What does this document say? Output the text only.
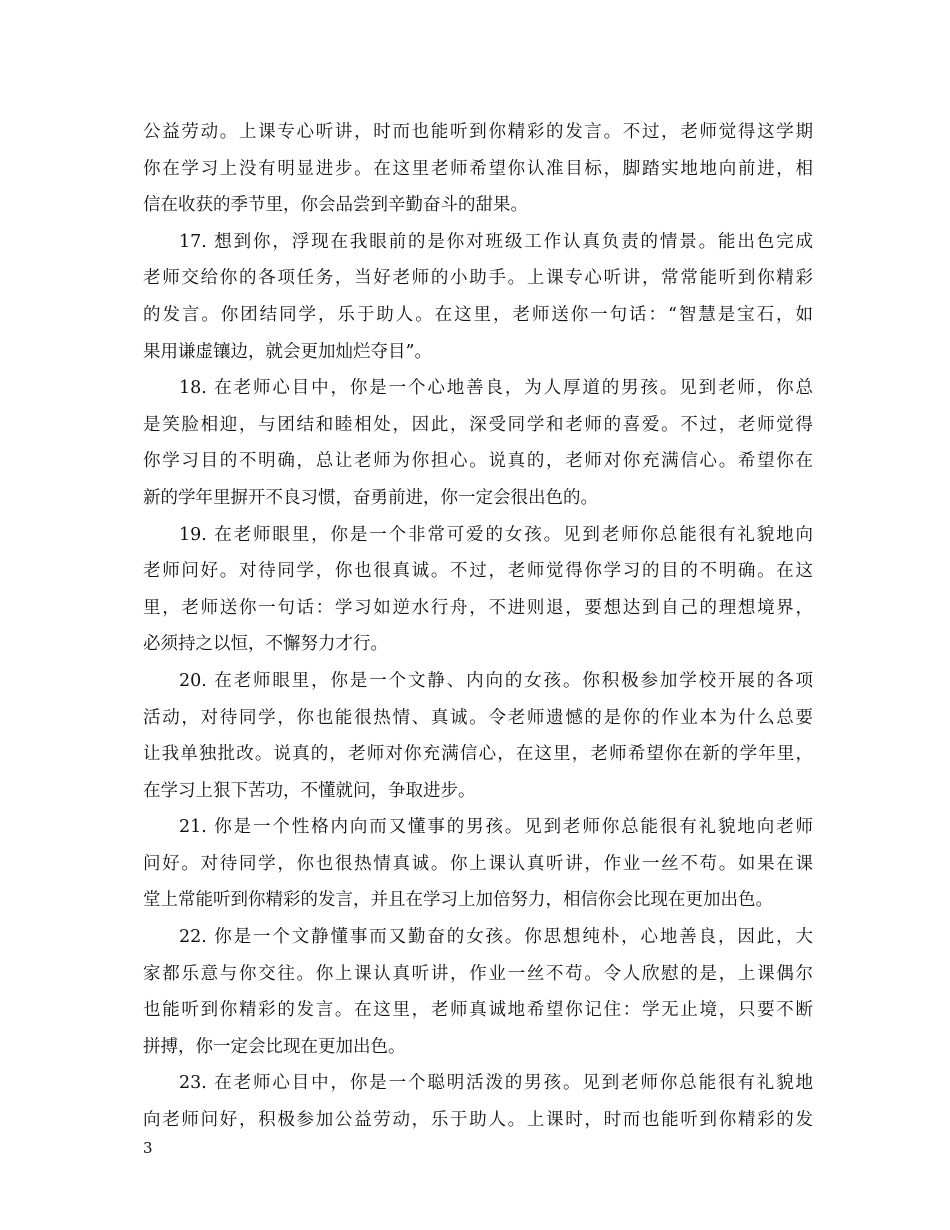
公益劳动。上课专心听讲，时而也能听到你精彩的发言。不过，老师觉得这学期
你在学习上没有明显进步。在这里老师希望你认准目标，脚踏实地地向前进，相
信在收获的季节里，你会品尝到辛勤奋斗的甜果。
17. 想到你，浮现在我眼前的是你对班级工作认真负责的情景。能出色完成
老师交给你的各项任务，当好老师的小助手。上课专心听讲，常常能听到你精彩
的发言。你团结同学，乐于助人。在这里，老师送你一句话：“智慧是宝石，如
果用谦虚镶边，就会更加灿烂夺目”。
18. 在老师心目中，你是一个心地善良，为人厚道的男孩。见到老师，你总
是笑脸相迎，与团结和睦相处，因此，深受同学和老师的喜爱。不过，老师觉得
你学习目的不明确，总让老师为你担心。说真的，老师对你充满信心。希望你在
新的学年里摒开不良习惯，奋勇前进，你一定会很出色的。
19. 在老师眼里，你是一个非常可爱的女孩。见到老师你总能很有礼貌地向
老师问好。对待同学，你也很真诚。不过，老师觉得你学习的目的不明确。在这
里，老师送你一句话：学习如逆水行舟，不进则退，要想达到自己的理想境界，
必须持之以恒，不懈努力才行。
20. 在老师眼里，你是一个文静、内向的女孩。你积极参加学校开展的各项
活动，对待同学，你也能很热情、真诚。令老师遗憾的是你的作业本为什么总要
让我单独批改。说真的，老师对你充满信心，在这里，老师希望你在新的学年里，
在学习上狠下苦功，不懂就问，争取进步。
21. 你是一个性格内向而又懂事的男孩。见到老师你总能很有礼貌地向老师
问好。对待同学，你也很热情真诚。你上课认真听讲，作业一丝不苟。如果在课
堂上常能听到你精彩的发言，并且在学习上加倍努力，相信你会比现在更加出色。
22. 你是一个文静懂事而又勤奋的女孩。你思想纯朴，心地善良，因此，大
家都乐意与你交往。你上课认真听讲，作业一丝不苟。令人欣慰的是，上课偶尔
也能听到你精彩的发言。在这里，老师真诚地希望你记住：学无止境，只要不断
拼搏，你一定会比现在更加出色。
23. 在老师心目中，你是一个聪明活泼的男孩。见到老师你总能很有礼貌地
向老师问好，积极参加公益劳动，乐于助人。上课时，时而也能听到你精彩的发
3
